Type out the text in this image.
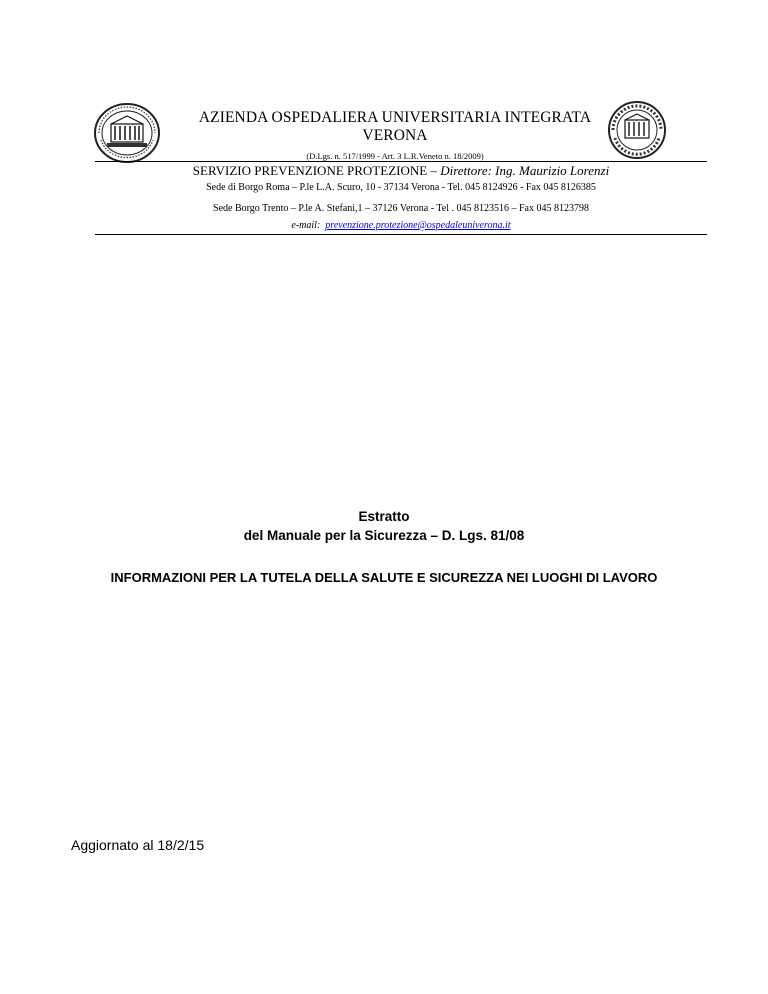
AZIENDA OSPEDALIERA UNIVERSITARIA INTEGRATA
VERONA
(D.Lgs. n. 517/1999 - Art. 3 L.R.Veneto n. 18/2009)
SERVIZIO PREVENZIONE PROTEZIONE – Direttore: Ing. Maurizio Lorenzi
Sede di Borgo Roma – P.le L.A. Scuro, 10 - 37134 Verona - Tel. 045 8124926 - Fax 045 8126385
Sede Borgo Trento – P.le A. Stefani,1 – 37126 Verona - Tel . 045 8123516 – Fax 045 8123798
e-mail: prevenzione.protezione@ospedaleuniverona.it
Estratto
del Manuale per la Sicurezza – D. Lgs. 81/08
INFORMAZIONI PER LA TUTELA DELLA SALUTE E SICUREZZA NEI LUOGHI DI LAVORO
Aggiornato al 18/2/15
